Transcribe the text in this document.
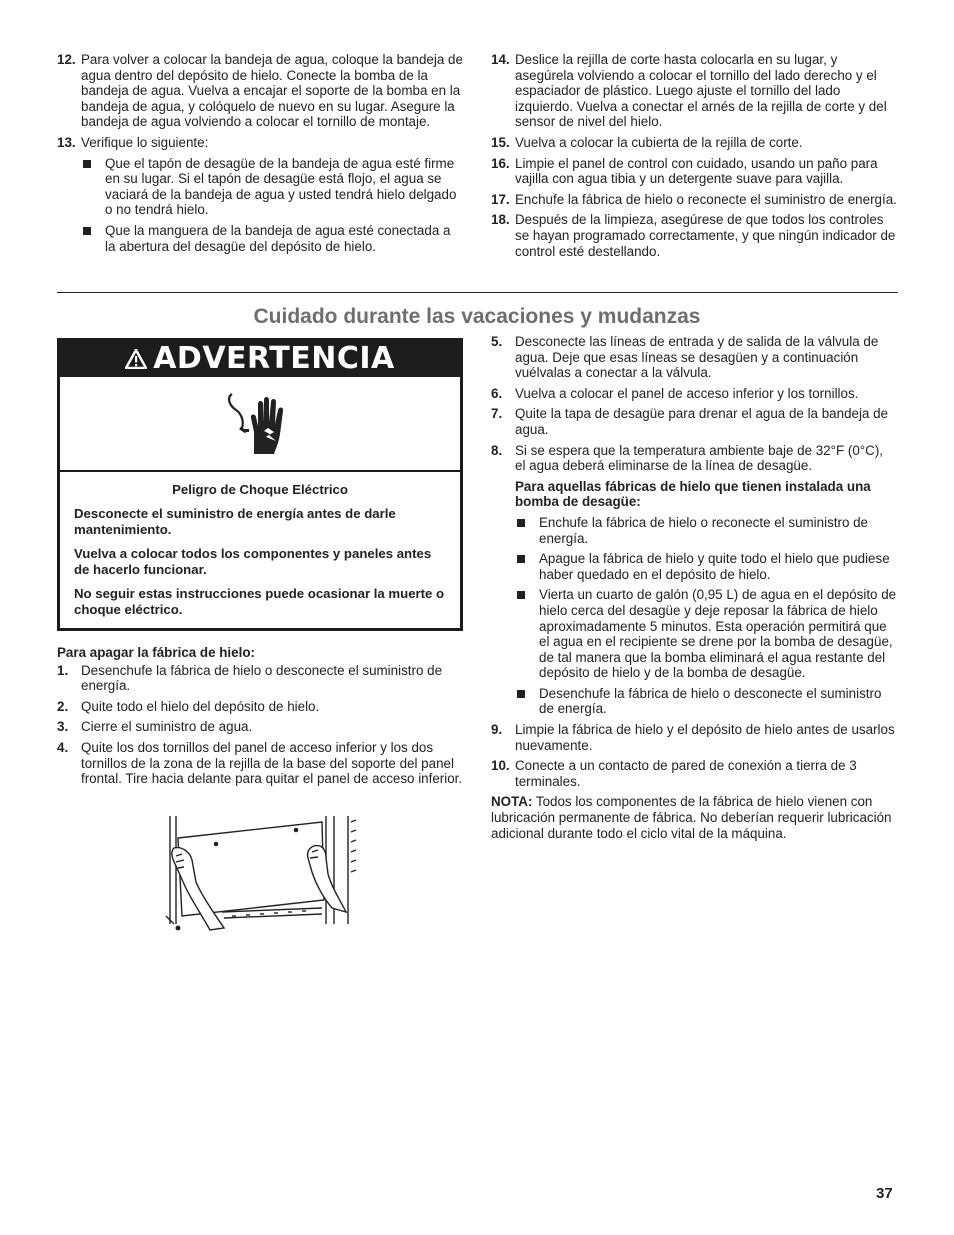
12. Para volver a colocar la bandeja de agua, coloque la bandeja de agua dentro del depósito de hielo. Conecte la bomba de la bandeja de agua. Vuelva a encajar el soporte de la bomba en la bandeja de agua, y colóquelo de nuevo en su lugar. Asegure la bandeja de agua volviendo a colocar el tornillo de montaje.
13. Verifique lo siguiente:
Que el tapón de desagüe de la bandeja de agua esté firme en su lugar. Si el tapón de desagüe está flojo, el agua se vaciará de la bandeja de agua y usted tendrá hielo delgado o no tendrá hielo.
Que la manguera de la bandeja de agua esté conectada a la abertura del desagüe del depósito de hielo.
14. Deslice la rejilla de corte hasta colocarla en su lugar, y asegúrela volviendo a colocar el tornillo del lado derecho y el espaciador de plástico. Luego ajuste el tornillo del lado izquierdo. Vuelva a conectar el arnés de la rejilla de corte y del sensor de nivel del hielo.
15. Vuelva a colocar la cubierta de la rejilla de corte.
16. Limpie el panel de control con cuidado, usando un paño para vajilla con agua tibia y un detergente suave para vajilla.
17. Enchufe la fábrica de hielo o reconecte el suministro de energía.
18. Después de la limpieza, asegúrese de que todos los controles se hayan programado correctamente, y que ningún indicador de control esté destellando.
Cuidado durante las vacaciones y mudanzas
ADVERTENCIA

Peligro de Choque Eléctrico

Desconecte el suministro de energía antes de darle mantenimiento.

Vuelva a colocar todos los componentes y paneles antes de hacerlo funcionar.

No seguir estas instrucciones puede ocasionar la muerte o choque eléctrico.

Para apagar la fábrica de hielo:
1. Desenchufe la fábrica de hielo o desconecte el suministro de energía.
2. Quite todo el hielo del depósito de hielo.
3. Cierre el suministro de agua.
4. Quite los dos tornillos del panel de acceso inferior y los dos tornillos de la zona de la rejilla de la base del soporte del panel frontal. Tire hacia delante para quitar el panel de acceso inferior.
5. Desconecte las líneas de entrada y de salida de la válvula de agua. Deje que esas líneas se desagüen y a continuación vuélvalas a conectar a la válvula.
6. Vuelva a colocar el panel de acceso inferior y los tornillos.
7. Quite la tapa de desagüe para drenar el agua de la bandeja de agua.
8. Si se espera que la temperatura ambiente baje de 32°F (0°C), el agua deberá eliminarse de la línea de desagüe.
Para aquellas fábricas de hielo que tienen instalada una bomba de desagüe:
Enchufe la fábrica de hielo o reconecte el suministro de energía.
Apague la fábrica de hielo y quite todo el hielo que pudiese haber quedado en el depósito de hielo.
Vierta un cuarto de galón (0,95 L) de agua en el depósito de hielo cerca del desagüe y deje reposar la fábrica de hielo aproximadamente 5 minutos. Esta operación permitirá que el agua en el recipiente se drene por la bomba de desagüe, de tal manera que la bomba eliminará el agua restante del depósito de hielo y de la bomba de desagüe.
Desenchufe la fábrica de hielo o desconecte el suministro de energía.
9. Limpie la fábrica de hielo y el depósito de hielo antes de usarlos nuevamente.
10. Conecte a un contacto de pared de conexión a tierra de 3 terminales.
NOTA: Todos los componentes de la fábrica de hielo vienen con lubricación permanente de fábrica. No deberían requerir lubricación adicional durante todo el ciclo vital de la máquina.
37
